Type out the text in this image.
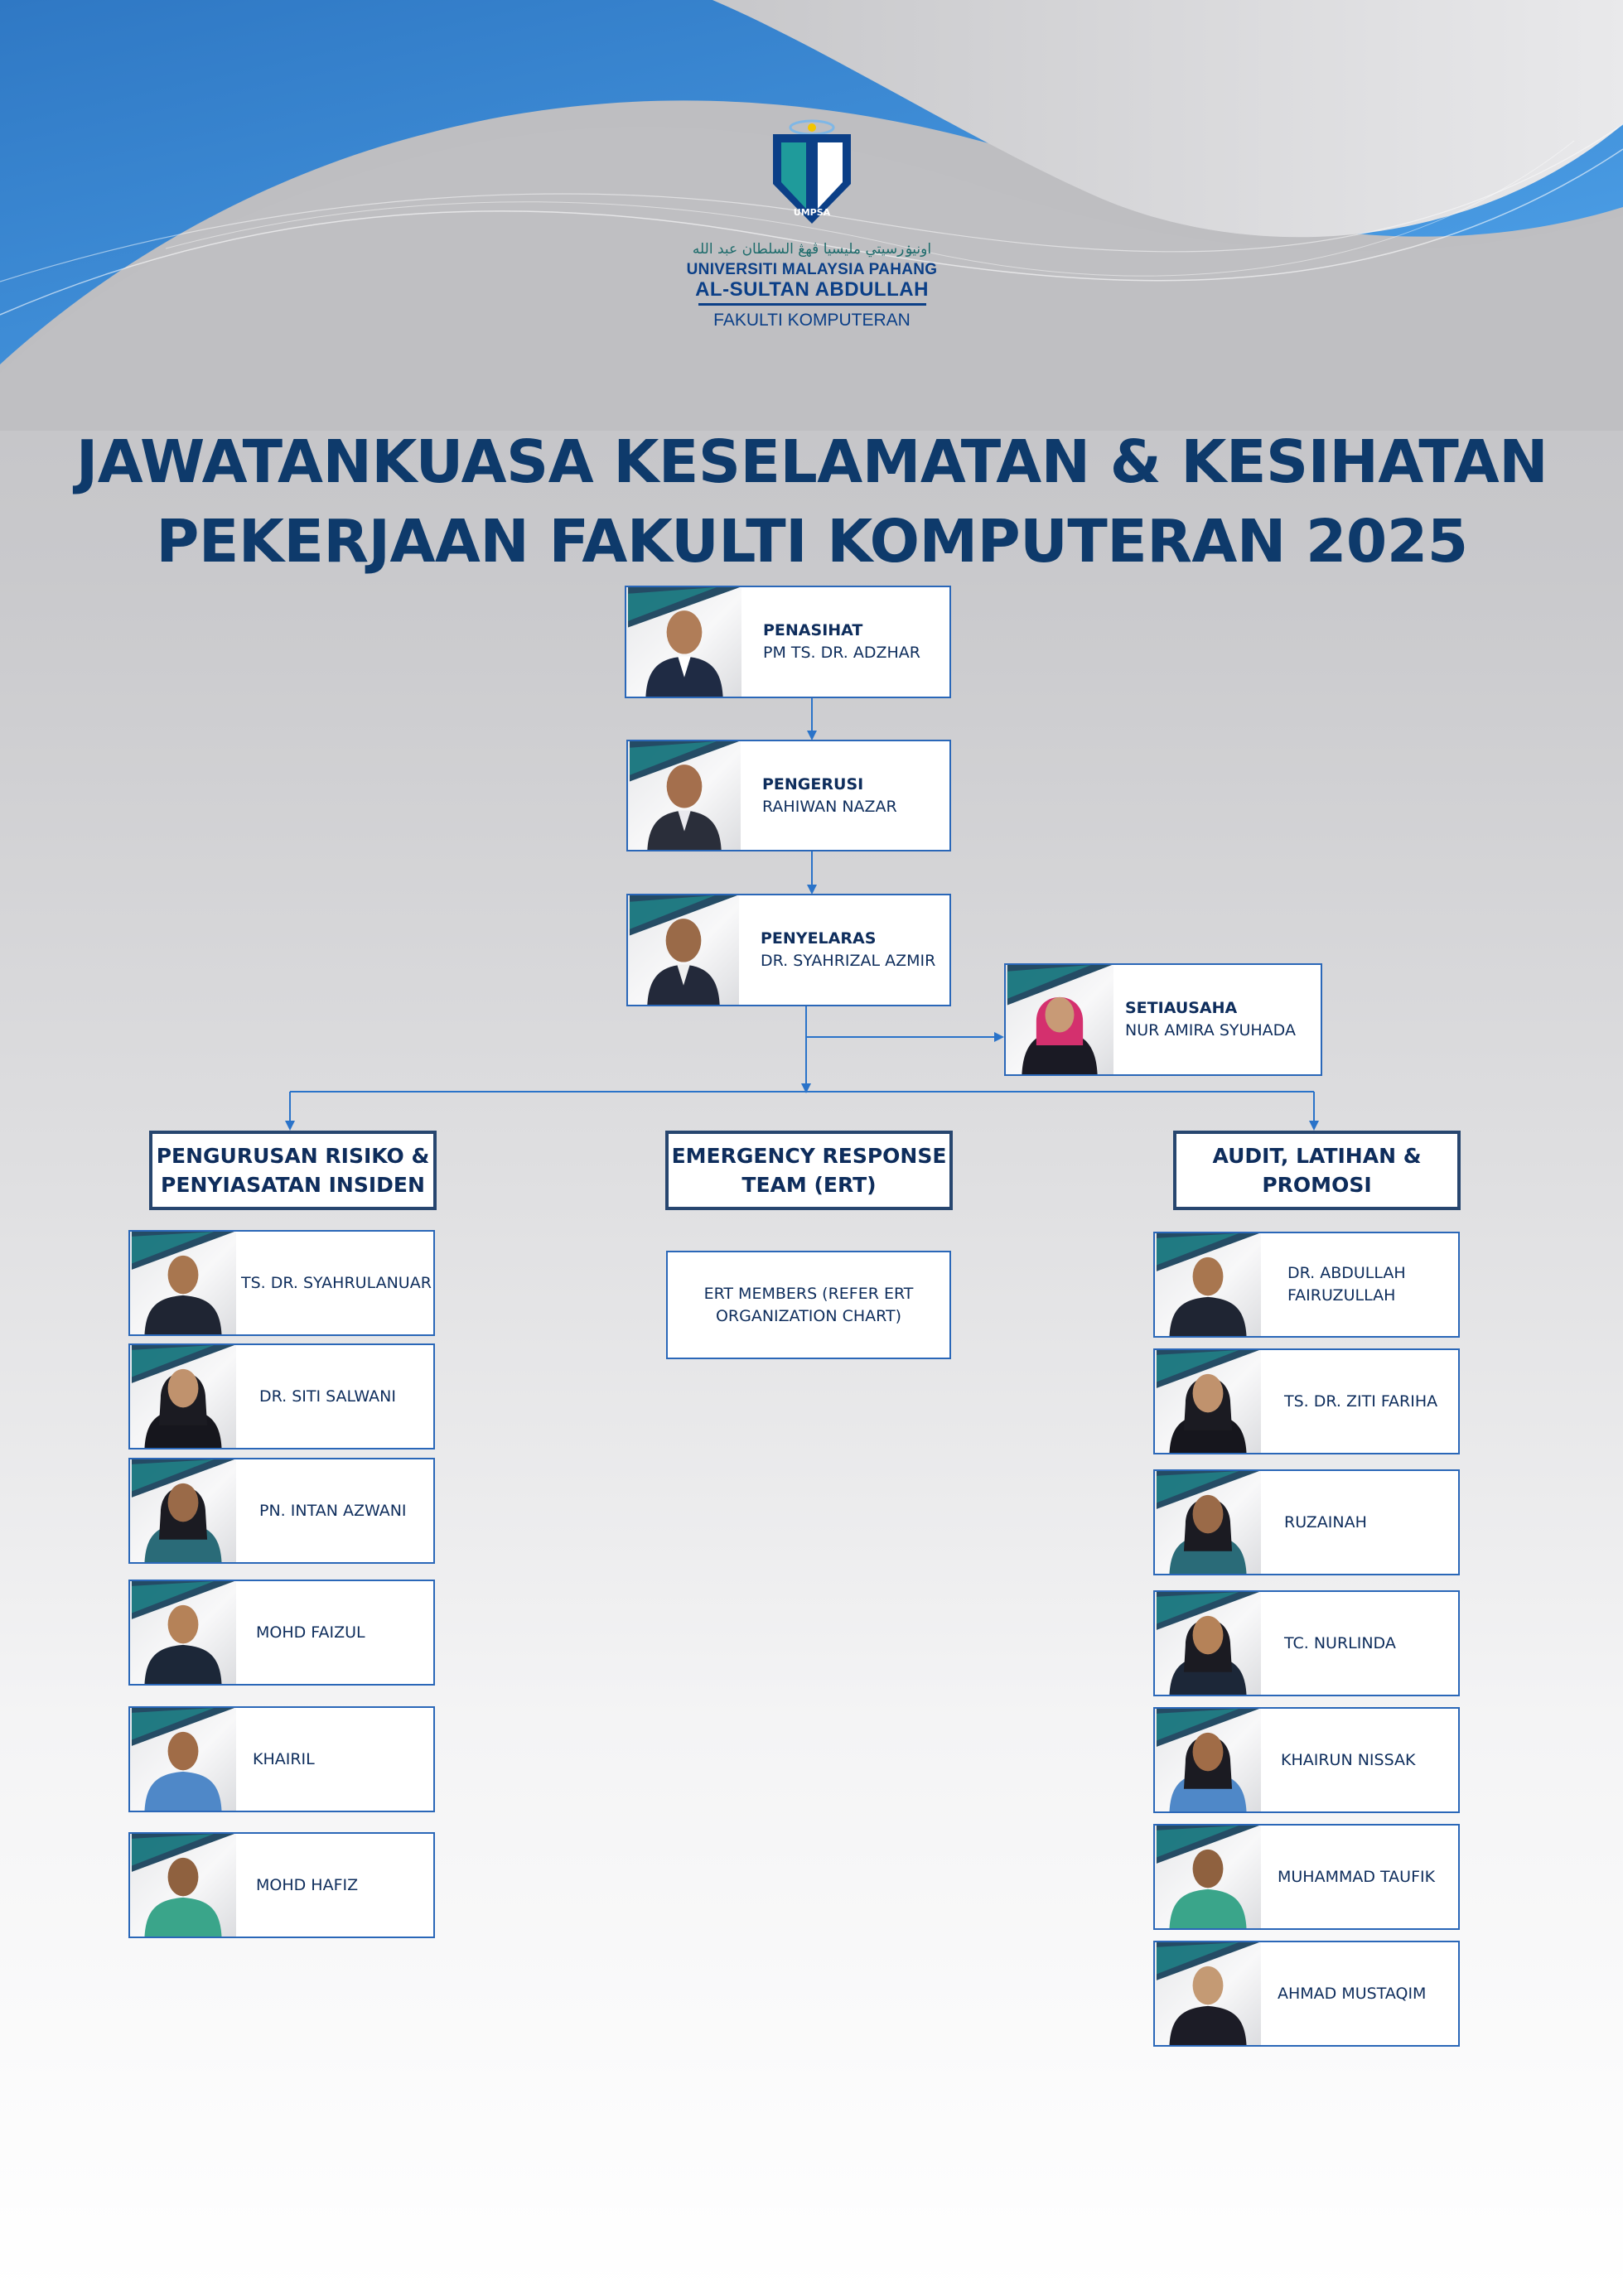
UMPSA
اونيۏرسيتي مليسيا ڤهڠ السلطان عبد الله
UNIVERSITI MALAYSIA PAHANG
AL-SULTAN ABDULLAH
FAKULTI KOMPUTERAN
JAWATANKUASA KESELAMATAN & KESIHATAN
PEKERJAAN FAKULTI KOMPUTERAN 2025
PENASIHAT
PM TS. DR. ADZHAR
PENGERUSI
RAHIWAN NAZAR
PENYELARAS
DR. SYAHRIZAL AZMIR
SETIAUSAHA
NUR AMIRA SYUHADA
PENGURUSAN RISIKO &
PENYIASATAN INSIDEN
EMERGENCY RESPONSE
TEAM (ERT)
AUDIT, LATIHAN &
PROMOSI
ERT MEMBERS (REFER ERT ORGANIZATION CHART)
TS. DR. SYAHRULANUAR
DR. SITI SALWANI
PN. INTAN AZWANI
MOHD FAIZUL
KHAIRIL
MOHD HAFIZ
DR. ABDULLAH
FAIRUZULLAH
TS. DR. ZITI FARIHA
RUZAINAH
TC. NURLINDA
KHAIRUN NISSAK
MUHAMMAD TAUFIK
AHMAD MUSTAQIM
